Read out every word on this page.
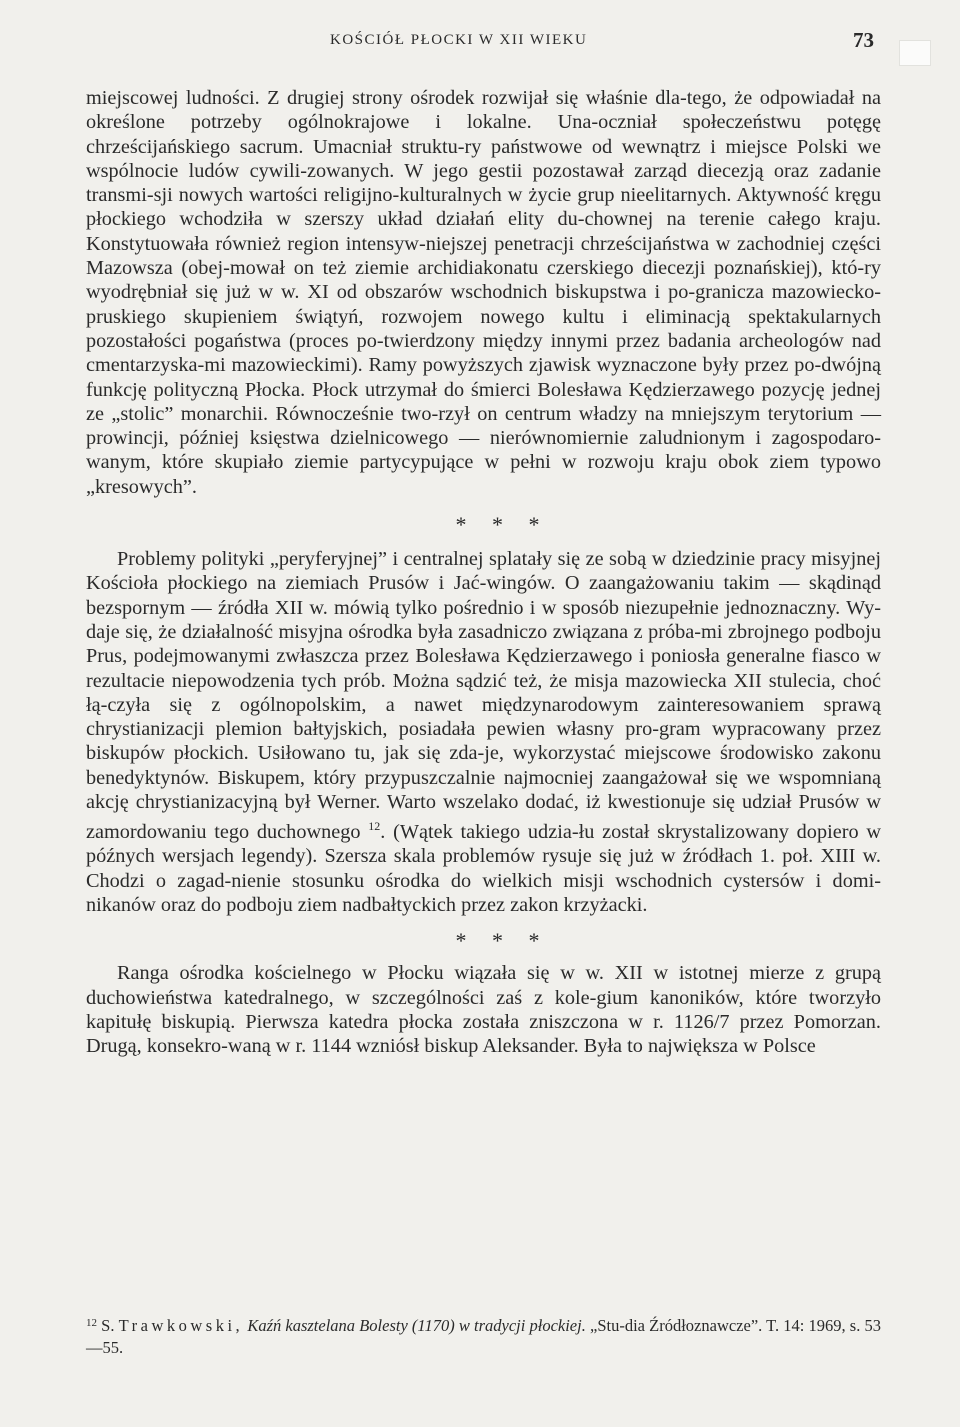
KOŚCIÓŁ PŁOCKI W XII WIEKU	73

miejscowej ludności. Z drugiej strony ośrodek rozwijał się właśnie dla-tego, że odpowiadał na określone potrzeby ogólnokrajowe i lokalne. Una-oczniał społeczeństwu potęgę chrześcijańskiego sacrum. Umacniał struktu-ry państwowe od wewnątrz i miejsce Polski we wspólnocie ludów cywili-zowanych. W jego gestii pozostawał zarząd diecezją oraz zadanie transmi-sji nowych wartości religijno-kulturalnych w życie grup nieelitarnych. Aktywność kręgu płockiego wchodziła w szerszy układ działań elity du-chownej na terenie całego kraju. Konstytuowała również region intensyw-niejszej penetracji chrześcijaństwa w zachodniej części Mazowsza (obej-mował on też ziemie archidiakonatu czerskiego diecezji poznańskiej), któ-ry wyodrębniał się już w w. XI od obszarów wschodnich biskupstwa i po-granicza mazowiecko-pruskiego skupieniem świątyń, rozwojem nowego kultu i eliminacją spektakularnych pozostałości pogaństwa (proces po-twierdzony między innymi przez badania archeologów nad cmentarzyska-mi mazowieckimi). Ramy powyższych zjawisk wyznaczone były przez po-dwójną funkcję polityczną Płocka. Płock utrzymał do śmierci Bolesława Kędzierzawego pozycję jednej ze „stolic” monarchii. Równocześnie two-rzył on centrum władzy na mniejszym terytorium — prowincji, później księstwa dzielnicowego — nierównomiernie zaludnionym i zagospodaro-wanym, które skupiało ziemie partycypujące w pełni w rozwoju kraju obok ziem typowo „kresowych”.

* * *

Problemy polityki „peryferyjnej” i centralnej splatały się ze sobą w dziedzinie pracy misyjnej Kościoła płockiego na ziemiach Prusów i Jać-wingów. O zaangażowaniu takim — skądinąd bezspornym — źródła XII w. mówią tylko pośrednio i w sposób niezupełnie jednoznaczny. Wy-daje się, że działalność misyjna ośrodka była zasadniczo związana z próba-mi zbrojnego podboju Prus, podejmowanymi zwłaszcza przez Bolesława Kędzierzawego i poniosła generalne fiasco w rezultacie niepowodzenia tych prób. Można sądzić też, że misja mazowiecka XII stulecia, choć łą-czyła się z ogólnopolskim, a nawet międzynarodowym zainteresowaniem sprawą chrystianizacji plemion bałtyjskich, posiadała pewien własny pro-gram wypracowany przez biskupów płockich. Usiłowano tu, jak się zda-je, wykorzystać miejscowe środowisko zakonu benedyktynów. Biskupem, który przypuszczalnie najmocniej zaangażował się we wspomnianą akcję chrystianizacyjną był Werner. Warto wszelako dodać, iż kwestionuje się udział Prusów w zamordowaniu tego duchownego $^{12}$. (Wątek takiego udzia-łu został skrystalizowany dopiero w późnych wersjach legendy). Szersza skala problemów rysuje się już w źródłach 1. poł. XIII w. Chodzi o zagad-nienie stosunku ośrodka do wielkich misji wschodnich cystersów i domi-nikanów oraz do podboju ziem nadbałtyckich przez zakon krzyżacki.

* * *

Ranga ośrodka kościelnego w Płocku wiązała się w w. XII w istotnej mierze z grupą duchowieństwa katedralnego, w szczególności zaś z kole-gium kanoników, które tworzyło kapitułę biskupią. Pierwsza katedra płocka została zniszczona w r. 1126/7 przez Pomorzan. Drugą, konsekro-waną w r. 1144 wzniósł biskup Aleksander. Była to największa w Polsce

$^{12}$ S. Trawkowski, Kaźń kasztelana Bolesty (1170) w tradycji płockiej. „Stu-dia Źródłoznawcze”. T. 14: 1969, s. 53—55.
